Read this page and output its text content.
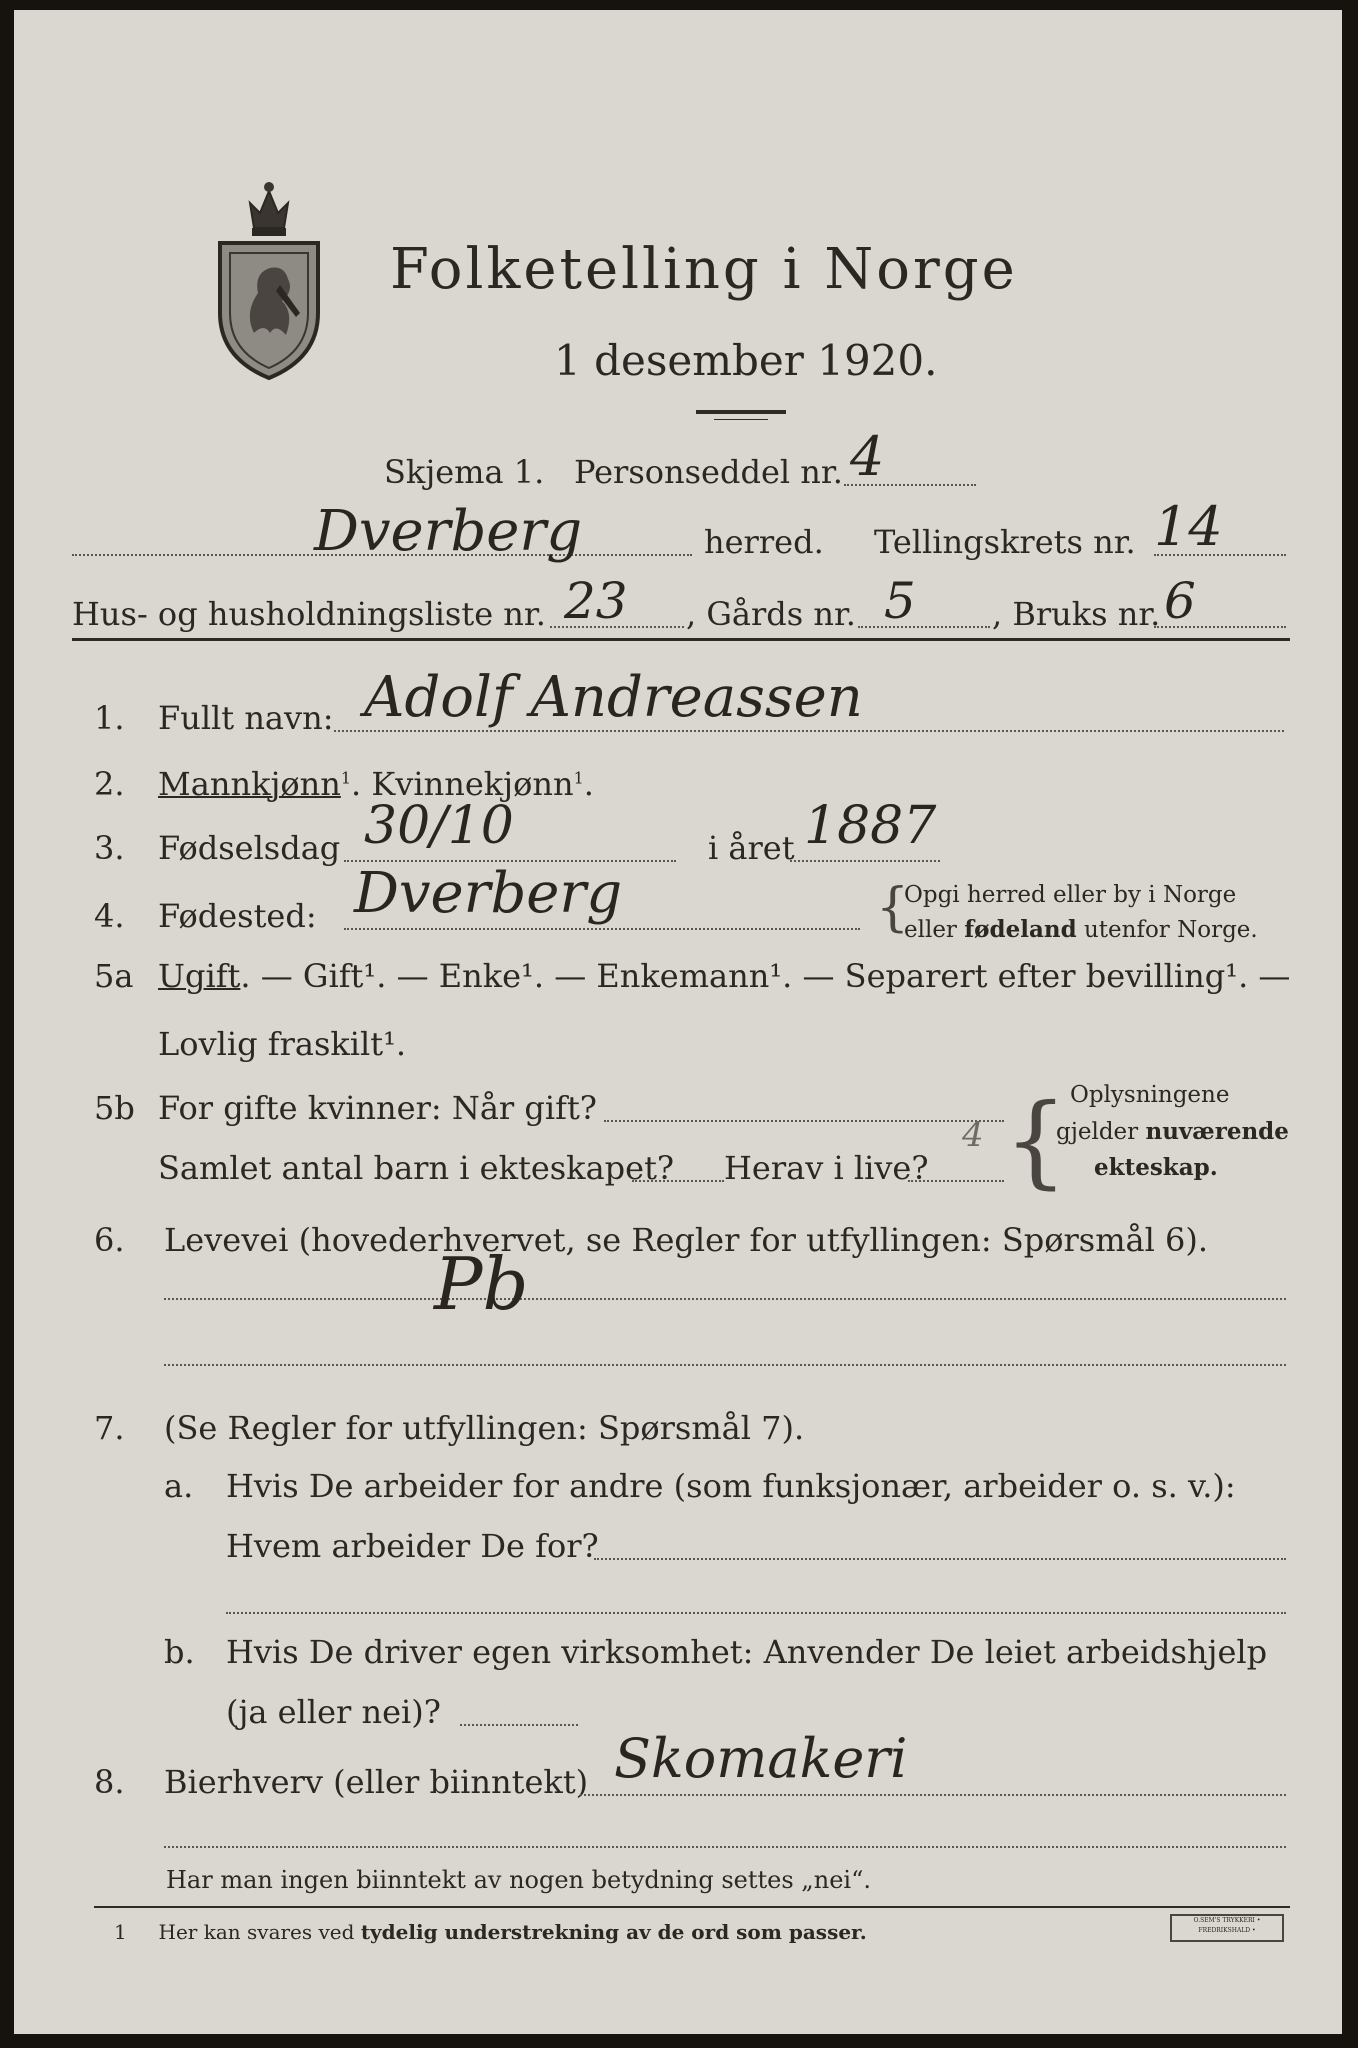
Folketelling i Norge
1 desember 1920.
Skjema 1. Personseddel nr. 4
Dverberg	herred. Tellingskrets nr. 14
Hus- og husholdningsliste nr. 23 , Gårds nr. 5 , Bruks nr. 6
1. Fullt navn: Adolf Andreassen
2. Mannkjønn$^1$. Kvinnekjønn$^1$.
3. Fødselsdag 30/10	i året 1887
4. Fødested: Dverberg	{
Opgi herred eller by i Norge
eller fødeland utenfor Norge.
5a Ugift. — Gift¹. — Enke¹. — Enkemann¹. — Separert efter bevilling¹. —
Lovlig fraskilt¹.
5b For gifte kvinner: Når gift?
Samlet antal barn i ekteskapet? Herav i live?
4 { Oplysningene
gjelder nuværende
ekteskap.
6. Levevei (hovederhvervet, se Regler for utfyllingen: Spørsmål 6).
Pb
7. (Se Regler for utfyllingen: Spørsmål 7).
a. Hvis De arbeider for andre (som funksjonær, arbeider o. s. v.):
Hvem arbeider De for?
b. Hvis De driver egen virksomhet: Anvender De leiet arbeidshjelp
(ja eller nei)?
8. Bierhverv (eller biinntekt) Skomakeri
Har man ingen biinntekt av nogen betydning settes „nei“.
1 Her kan svares ved tydelig understrekning av de ord som passer.	O.SEM'S TRYKKERI • FREDRIKSHALD •
